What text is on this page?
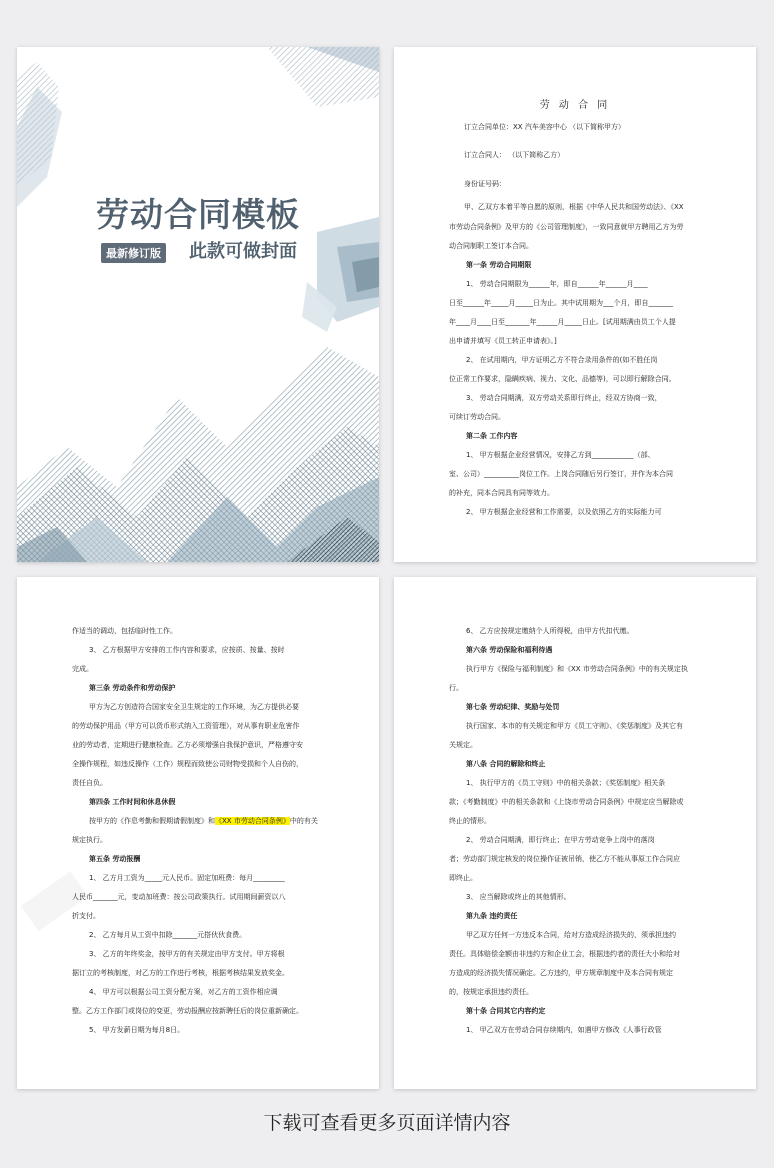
劳动合同模板
最新修订版 此款可做封面
劳 动 合 同
订立合同单位：XX 汽车美容中心 （以下简称甲方）
订立合同人： （以下简称乙方）
身份证号码：
甲、乙双方本着平等自愿的原则，根据《中华人民共和国劳动法》、《XX
市劳动合同条例》及甲方的《公司管理制度》，一致同意就甲方聘用乙方为劳
动合同制职工签订本合同。
第一条 劳动合同期限
1、 劳动合同期限为______年，即自______年______月____
日至______年_____月_____日为止。其中试用期为___个月，即自_______
年____月____日至_______年______月_____日止。[试用期满由员工个人提
出申请并填写《员工转正申请表》。]
2、 在试用期内，甲方证明乙方不符合录用条件的(如不胜任岗
位正常工作要求，隐瞒疾病、视力、文化、品德等)，可以即行解除合同。
3、 劳动合同期满，双方劳动关系即行终止，经双方协商一致，
可续订劳动合同。
第二条 工作内容
1、 甲方根据企业经营情况，安排乙方到____________（部、
室、公司）__________岗位工作。上岗合同随后另行签订，并作为本合同
的补充，同本合同具有同等效力。
2、 甲方根据企业经营和工作需要，以及依照乙方的实际能力可
作适当的调动，包括临时性工作。
3、 乙方根据甲方安排的工作内容和要求，应按质、按量、按时
完成。
第三条 劳动条件和劳动保护
甲方为乙方创造符合国家安全卫生规定的工作环境，为乙方提供必要
的劳动保护用品（甲方可以货币形式纳入工资管理），对从事有职业危害作
业的劳动者，定期进行健康检查。乙方必须增强自我保护意识，严格遵守安
全操作规程，如违反操作（工作）规程而致使公司财物受损和个人自伤的，
责任自负。
第四条 工作时间和休息休假
按甲方的《作息考勤和假期请假制度》和《XX 市劳动合同条例》中的有关
规定执行。
第五条 劳动报酬
1、 乙方月工资为_____元人民币。固定加班费：每月_________
人民币_______元，变动加班费：按公司政策执行。试用期间薪资以八
折支付。
2、 乙方每月从工资中扣除_______元搭伙伙食费。
3、 乙方的年终奖金，按甲方的有关规定由甲方支付。甲方将根
据订立的考核制度，对乙方的工作进行考核，根据考核结果发放奖金。
4、 甲方可以根据公司工资分配方案，对乙方的工资作相应调
整。乙方工作部门或岗位的变更，劳动报酬应按新聘任后的岗位重新确定。
5、 甲方发薪日期为每月8日。
6、 乙方应按规定缴纳个人所得税，由甲方代扣代缴。
第六条 劳动保险和福利待遇
执行甲方《保险与福利制度》和《XX 市劳动合同条例》中的有关规定执
行。
第七条 劳动纪律、奖励与处罚
执行国家、本市的有关规定和甲方《员工守则》、《奖惩制度》及其它有
关规定。
第八条 合同的解除和终止
1、 执行甲方的《员工守则》中的相关条款；《奖惩制度》相关条
款；《考勤制度》中的相关条款和《上饶市劳动合同条例》中规定应当解除或
终止的情形。
2、 劳动合同期满，即行终止；在甲方劳动竞争上岗中的落岗
者；劳动部门规定核发的岗位操作证被吊销，使乙方不能从事原工作合同应
即终止。
3、 应当解除或终止的其他情形。
第九条 违约责任
甲乙双方任何一方违反本合同，给对方造成经济损失的，须承担违约
责任。具体赔偿金额由非违约方和企业工会，根据违约者的责任大小和给对
方造成的经济损失情况确定。乙方违约，甲方规章制度中及本合同有规定
的，按规定承担违约责任。
第十条 合同其它内容约定
1、 甲乙双方在劳动合同存续期内，如遇甲方修改《人事行政管
下载可查看更多页面详情内容
